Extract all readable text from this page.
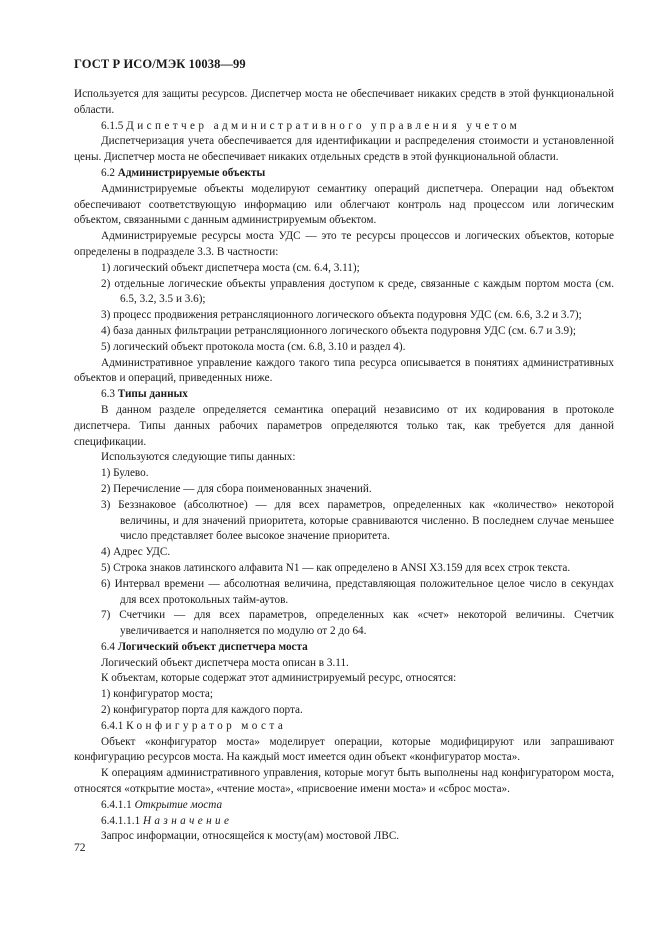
ГОСТ Р ИСО/МЭК 10038—99

Используется для защиты ресурсов. Диспетчер моста не обеспечивает никаких средств в этой функциональной области.

6.1.5 Диспетчер административного управления учетом

Диспетчеризация учета обеспечивается для идентификации и распределения стоимости и установленной цены. Диспетчер моста не обеспечивает никаких отдельных средств в этой функциональной области.

6.2 Администрируемые объекты

Администрируемые объекты моделируют семантику операций диспетчера. Операции над объектом обеспечивают соответствующую информацию или облегчают контроль над процессом или логическим объектом, связанными с данным администрируемым объектом.

Администрируемые ресурсы моста УДС — это те ресурсы процессов и логических объектов, которые определены в подразделе 3.3. В частности:

1) логический объект диспетчера моста (см. 6.4, 3.11);

2) отдельные логические объекты управления доступом к среде, связанные с каждым портом моста (см. 6.5, 3.2, 3.5 и 3.6);

3) процесс продвижения ретрансляционного логического объекта подуровня УДС (см. 6.6, 3.2 и 3.7);

4) база данных фильтрации ретрансляционного логического объекта подуровня УДС (см. 6.7 и 3.9);

5) логический объект протокола моста (см. 6.8, 3.10 и раздел 4).

Административное управление каждого такого типа ресурса описывается в понятиях административных объектов и операций, приведенных ниже.

6.3 Типы данных

В данном разделе определяется семантика операций независимо от их кодирования в протоколе диспетчера. Типы данных рабочих параметров определяются только так, как требуется для данной спецификации.

Используются следующие типы данных:

1) Булево.

2) Перечисление — для сбора поименованных значений.

3) Беззнаковое (абсолютное) — для всех параметров, определенных как «количество» некоторой величины, и для значений приоритета, которые сравниваются численно. В последнем случае меньшее число представляет более высокое значение приоритета.

4) Адрес УДС.

5) Строка знаков латинского алфавита N1 — как определено в ANSI X3.159 для всех строк текста.

6) Интервал времени — абсолютная величина, представляющая положительное целое число в секундах для всех протокольных тайм-аутов.

7) Счетчики — для всех параметров, определенных как «счет» некоторой величины. Счетчик увеличивается и наполняется по модулю от 2 до 64.

6.4 Логический объект диспетчера моста

Логический объект диспетчера моста описан в 3.11.

К объектам, которые содержат этот администрируемый ресурс, относятся:

1) конфигуратор моста;

2) конфигуратор порта для каждого порта.

6.4.1 Конфигуратор моста

Объект «конфигуратор моста» моделирует операции, которые модифицируют или запрашивают конфигурацию ресурсов моста. На каждый мост имеется один объект «конфигуратор моста».

К операциям административного управления, которые могут быть выполнены над конфигуратором моста, относятся «открытие моста», «чтение моста», «присвоение имени моста» и «сброс моста».

6.4.1.1 Открытие моста

6.4.1.1.1 Назначение

Запрос информации, относящейся к мосту(ам) мостовой ЛВС.

72
